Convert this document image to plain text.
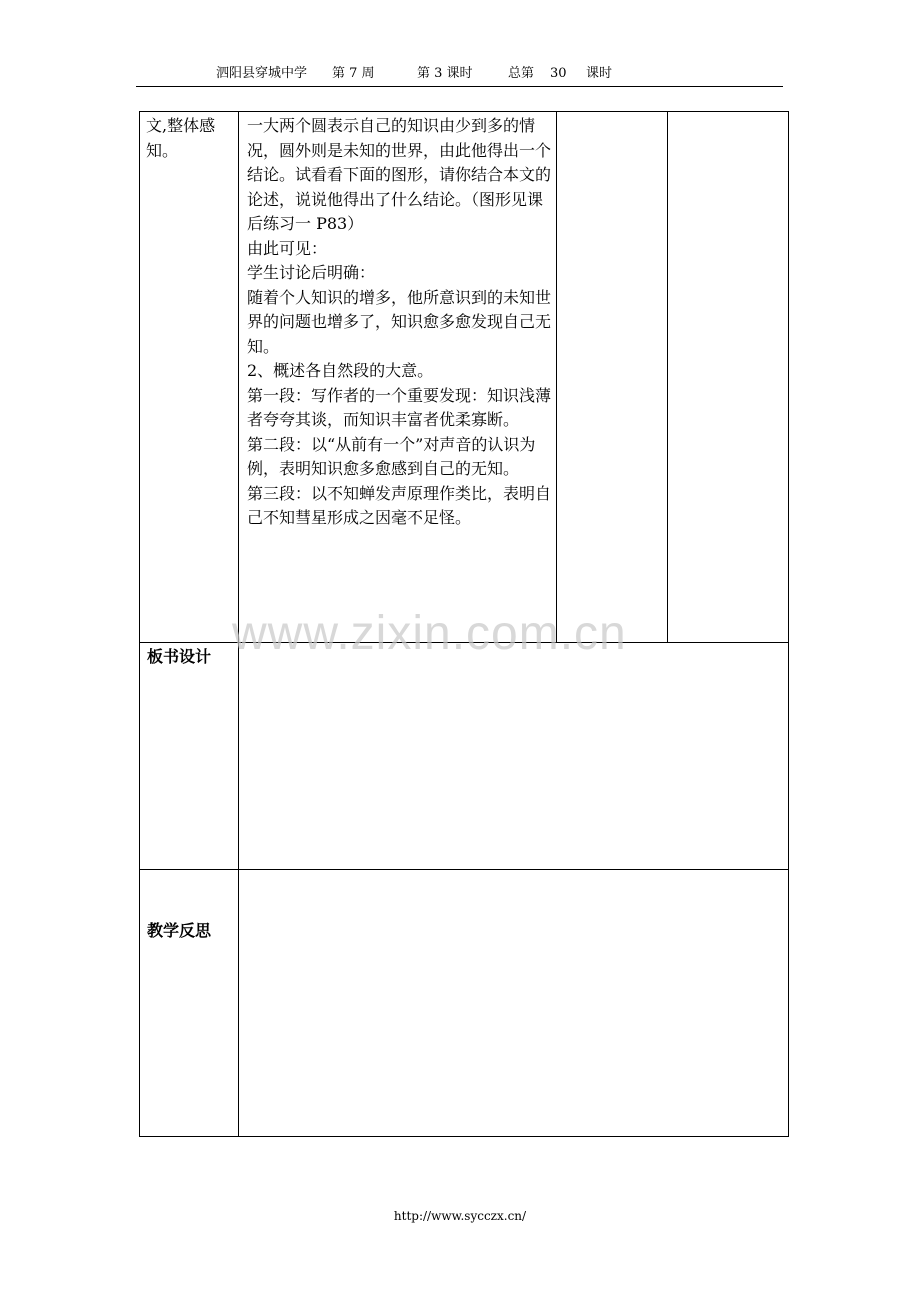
泗阳县穿城中学 第 7 周	第 3 课时	总第 30 课时
文,整体感知。

一大两个圆表示自己的知识由少到多的情况，圆外则是未知的世界，由此他得出一个结论。试看看下面的图形，请你结合本文的论述，说说他得出了什么结论。（图形见课后练习一 P83）

由此可见：

学生讨论后明确：

随着个人知识的增多，他所意识到的未知世界的问题也增多了，知识愈多愈发现自己无知。

2、概述各自然段的大意。

第一段：写作者的一个重要发现：知识浅薄者夸夸其谈，而知识丰富者优柔寡断。

第二段：以“从前有一个”对声音的认识为例，表明知识愈多愈感到自己的无知。

第三段：以不知蝉发声原理作类比，表明自己不知彗星形成之因毫不足怪。

板书设计
教学反思
www.zixin.com.cn
http://www.sycczx.cn/
